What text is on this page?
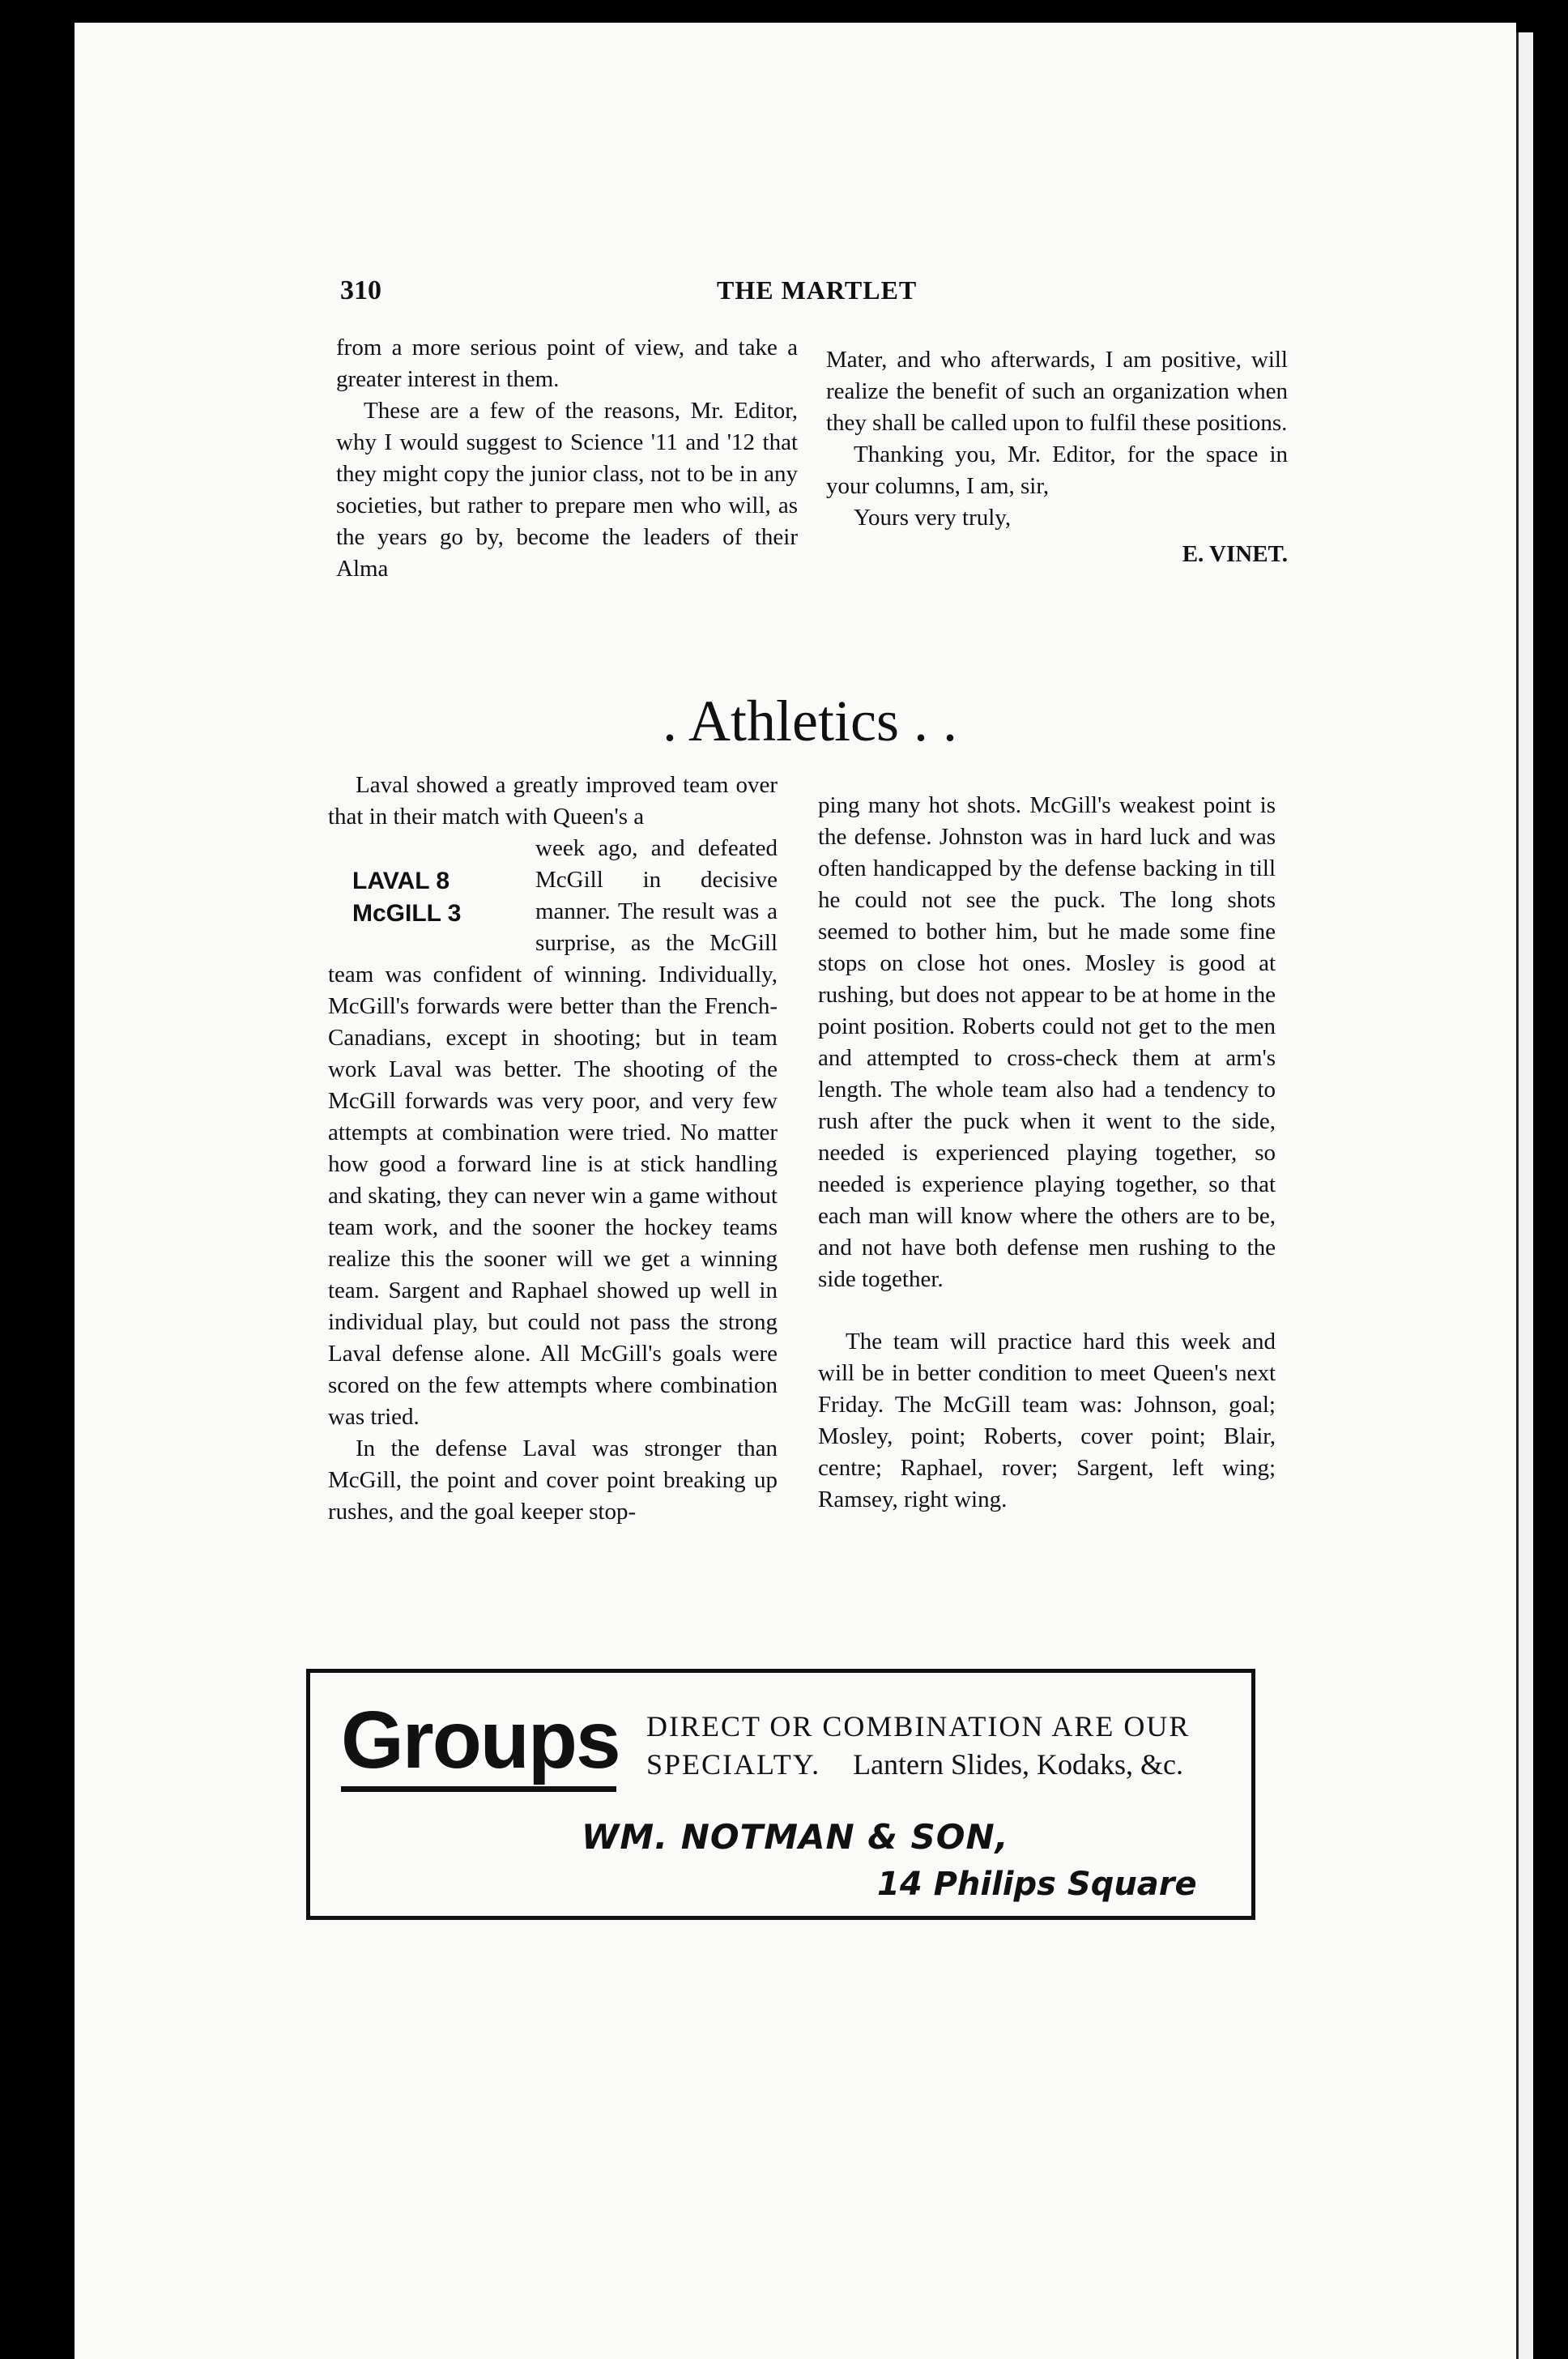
310	THE MARTLET

from a more serious point of view, and take a greater interest in them.

These are a few of the reasons, Mr. Editor, why I would suggest to Science '11 and '12 that they might copy the junior class, not to be in any societies, but rather to prepare men who will, as the years go by, become the leaders of their Alma

Mater, and who afterwards, I am positive, will realize the benefit of such an organization when they shall be called upon to fulfil these positions.

Thanking you, Mr. Editor, for the space in your columns, I am, sir,

Yours very truly,

E. VINET.

. Athletics . .

Laval showed a greatly improved team over that in their match with Queen's a

LAVAL 8
McGILL 3

week ago, and defeated McGill in decisive manner. The result was a surprise, as the McGill team was confident of winning. Individually, McGill's forwards were better than the French-Canadians, except in shooting; but in team work Laval was better. The shooting of the McGill forwards was very poor, and very few attempts at combination were tried. No matter how good a forward line is at stick handling and skating, they can never win a game without team work, and the sooner the hockey teams realize this the sooner will we get a winning team. Sargent and Raphael showed up well in individual play, but could not pass the strong Laval defense alone. All McGill's goals were scored on the few attempts where combination was tried.

In the defense Laval was stronger than McGill, the point and cover point breaking up rushes, and the goal keeper stop-

ping many hot shots. McGill's weakest point is the defense. Johnston was in hard luck and was often handicapped by the defense backing in till he could not see the puck. The long shots seemed to bother him, but he made some fine stops on close hot ones. Mosley is good at rushing, but does not appear to be at home in the point position. Roberts could not get to the men and attempted to cross-check them at arm's length. The whole team also had a tendency to rush after the puck when it went to the side, needed is experienced playing together, so needed is experience playing together, so that each man will know where the others are to be, and not have both defense men rushing to the side together.

The team will practice hard this week and will be in better condition to meet Queen's next Friday. The McGill team was: Johnson, goal; Mosley, point; Roberts, cover point; Blair, centre; Raphael, rover; Sargent, left wing; Ramsey, right wing.

Groups DIRECT OR COMBINATION ARE OUR
SPECIALTY. Lantern Slides, Kodaks, &c.
WM. NOTMAN & SON,
14 Philips Square
